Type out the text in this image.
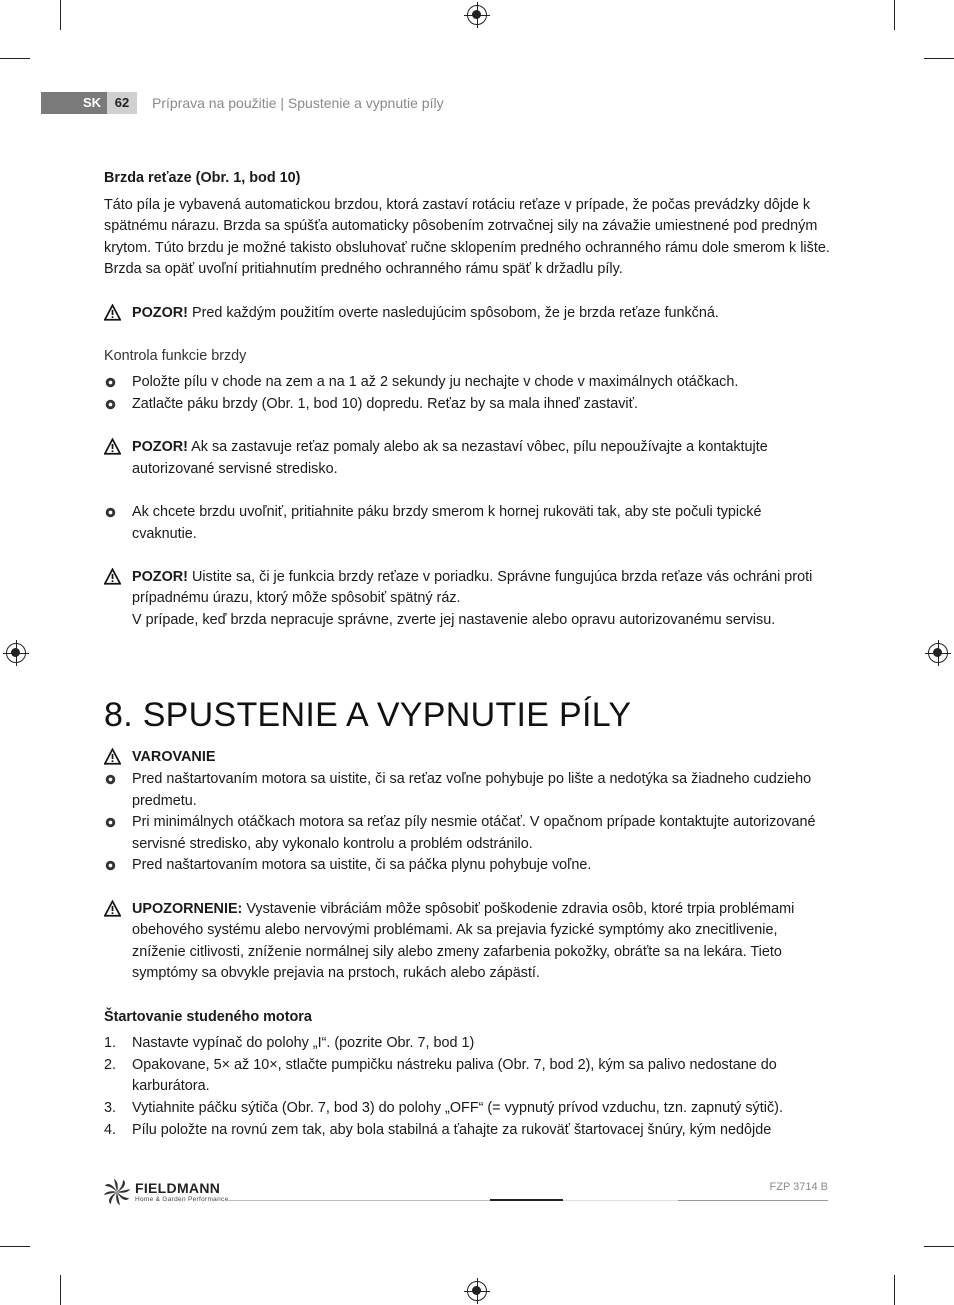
SK	62	Príprava na použitie | Spustenie a vypnutie píly

Brzda reťaze (Obr. 1, bod 10)

Táto píla je vybavená automatickou brzdou, ktorá zastaví rotáciu reťaze v prípade, že počas prevádzky dôjde k spätnému nárazu. Brzda sa spúšťa automaticky pôsobením zotrvačnej sily na závažie umiestnené pod predným krytom. Túto brzdu je možné takisto obsluhovať ručne sklopením predného ochranného rámu dole smerom k lište. Brzda sa opäť uvoľní pritiahnutím predného ochranného rámu späť k držadlu píly.

POZOR! Pred každým použitím overte nasledujúcim spôsobom, že je brzda reťaze funkčná.

Kontrola funkcie brzdy

Položte pílu v chode na zem a na 1 až 2 sekundy ju nechajte v chode v maximálnych otáčkach.
Zatlačte páku brzdy (Obr. 1, bod 10) dopredu. Reťaz by sa mala ihneď zastaviť.
POZOR! Ak sa zastavuje reťaz pomaly alebo ak sa nezastaví vôbec, pílu nepoužívajte a kontaktujte autorizované servisné stredisko.
Ak chcete brzdu uvoľniť, pritiahnite páku brzdy smerom k hornej rukoväti tak, aby ste počuli typické cvaknutie.
POZOR! Uistite sa, či je funkcia brzdy reťaze v poriadku. Správne fungujúca brzda reťaze vás ochráni proti prípadnému úrazu, ktorý môže spôsobiť spätný ráz.
V prípade, keď brzda nepracuje správne, zverte jej nastavenie alebo opravu autorizovanému servisu.
8. SPUSTENIE A VYPNUTIE PÍLY
VAROVANIE
Pred naštartovaním motora sa uistite, či sa reťaz voľne pohybuje po lište a nedotýka sa žiadneho cudzieho predmetu.
Pri minimálnych otáčkach motora sa reťaz píly nesmie otáčať. V opačnom prípade kontaktujte autorizované servisné stredisko, aby vykonalo kontrolu a problém odstránilo.
Pred naštartovaním motora sa uistite, či sa páčka plynu pohybuje voľne.
UPOZORNENIE: Vystavenie vibráciám môže spôsobiť poškodenie zdravia osôb, ktoré trpia problémami obehového systému alebo nervovými problémami. Ak sa prejavia fyzické symptómy ako znecitlivenie, zníženie citlivosti, zníženie normálnej sily alebo zmeny zafarbenia pokožky, obráťte sa na lekára. Tieto symptómy sa obvykle prejavia na prstoch, rukách alebo zápästí.

Štartovanie studeného motora

1. Nastavte vypínač do polohy „I“. (pozrite Obr. 7, bod 1)
2. Opakovane, 5× až 10×, stlačte pumpičku nástreku paliva (Obr. 7, bod 2), kým sa palivo nedostane do karburátora.
3. Vytiahnite páčku sýtiča (Obr. 7, bod 3) do polohy „OFF“ (= vypnutý prívod vzduchu, tzn. zapnutý sýtič).
4. Pílu položte na rovnú zem tak, aby bola stabilná a ťahajte za rukoväť štartovacej šnúry, kým nedôjde
FIELDMANN
Home & Garden Performance
FZP 3714 B
